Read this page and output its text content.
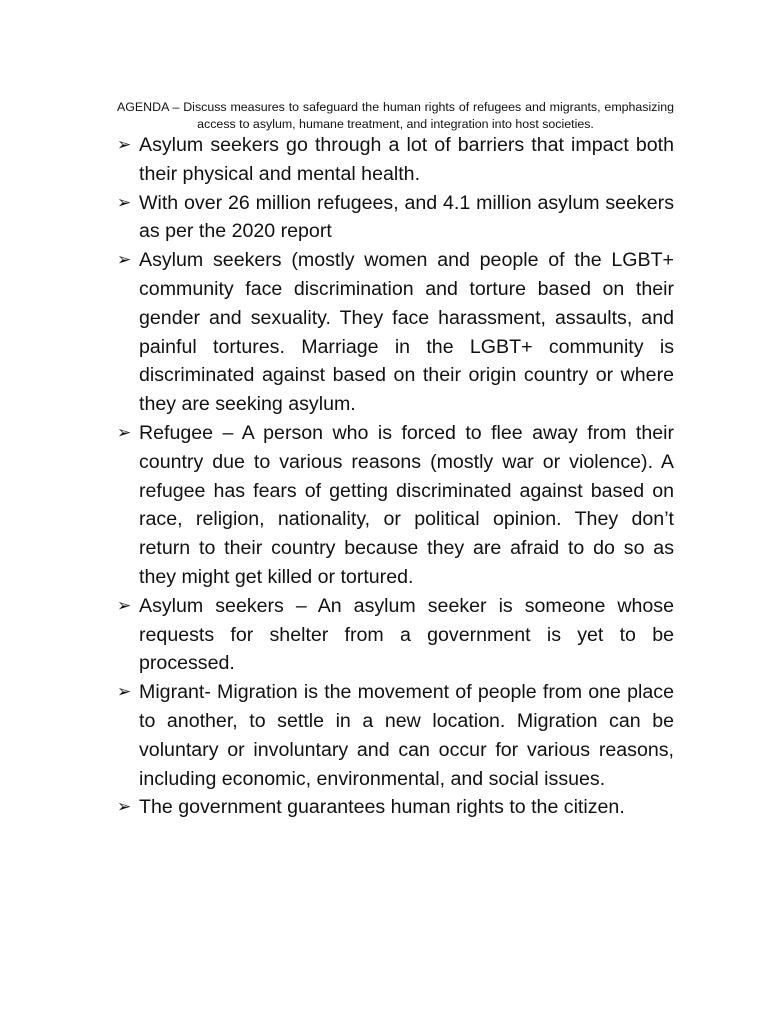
AGENDA – Discuss measures to safeguard the human rights of refugees and migrants, emphasizing access to asylum, humane treatment, and integration into host societies.

➢ Asylum seekers go through a lot of barriers that impact both their physical and mental health.
➢ With over 26 million refugees, and 4.1 million asylum seekers as per the 2020 report
➢ Asylum seekers (mostly women and people of the LGBT+ community face discrimination and torture based on their gender and sexuality. They face harassment, assaults, and painful tortures. Marriage in the LGBT+ community is discriminated against based on their origin country or where they are seeking asylum.
➢ Refugee – A person who is forced to flee away from their country due to various reasons (mostly war or violence). A refugee has fears of getting discriminated against based on race, religion, nationality, or political opinion. They don’t return to their country because they are afraid to do so as they might get killed or tortured.
➢ Asylum seekers – An asylum seeker is someone whose requests for shelter from a government is yet to be processed.
➢ Migrant- Migration is the movement of people from one place to another, to settle in a new location. Migration can be voluntary or involuntary and can occur for various reasons, including economic, environmental, and social issues.
➢ The government guarantees human rights to the citizen.
